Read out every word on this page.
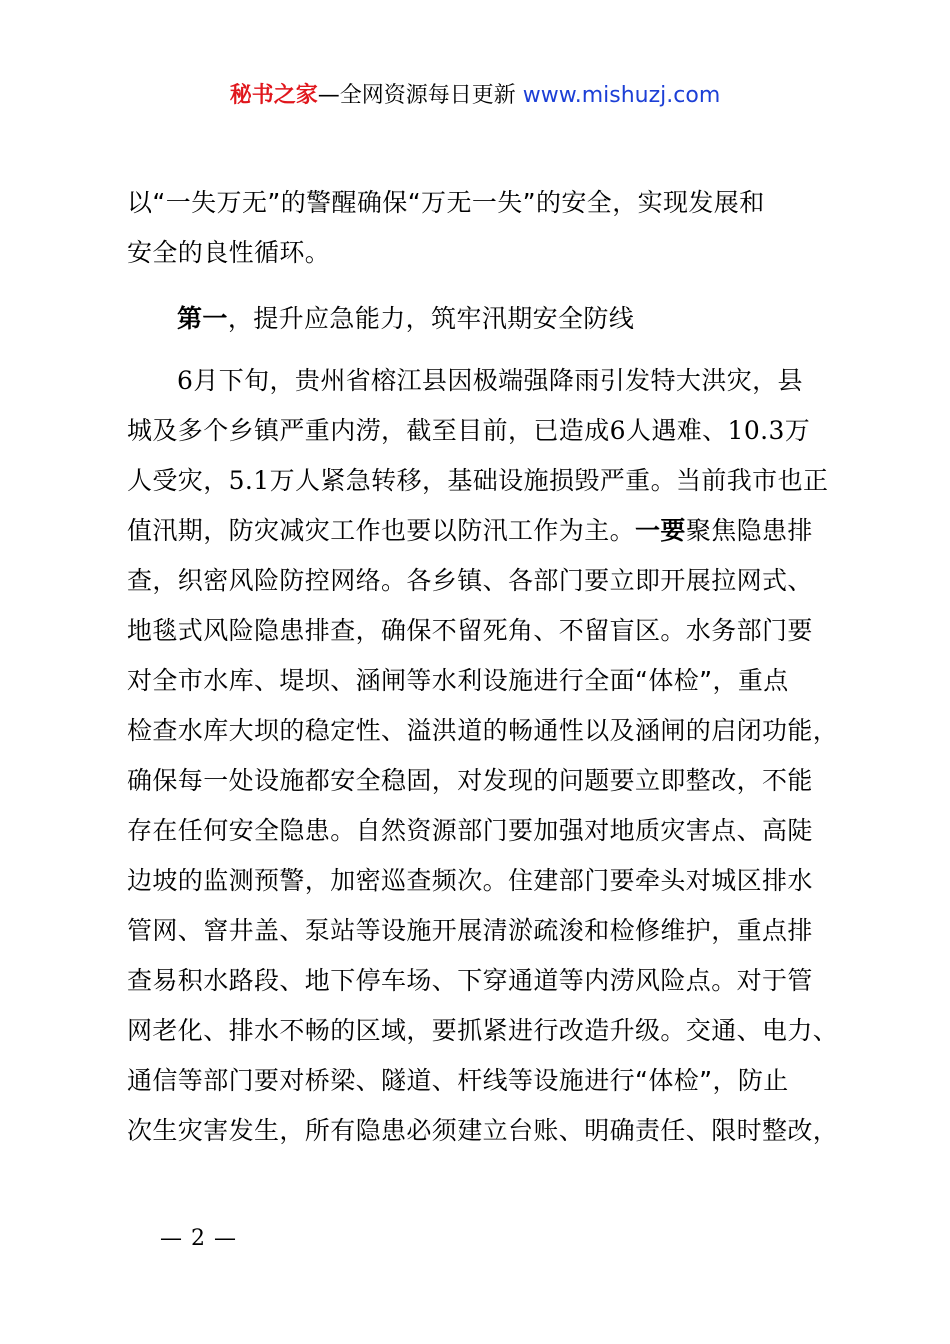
秘书之家—全网资源每日更新 www.mishuzj.com
以“一失万无”的警醒确保“万无一失”的安全，实现发展和
安全的良性循环。
第一，提升应急能力，筑牢汛期安全防线
6月下旬，贵州省榕江县因极端强降雨引发特大洪灾，县
城及多个乡镇严重内涝，截至目前，已造成6人遇难、10.3万
人受灾，5.1万人紧急转移，基础设施损毁严重。当前我市也正
值汛期，防灾减灾工作也要以防汛工作为主。一要聚焦隐患排
查，织密风险防控网络。各乡镇、各部门要立即开展拉网式、
地毯式风险隐患排查，确保不留死角、不留盲区。水务部门要
对全市水库、堤坝、涵闸等水利设施进行全面“体检”，重点
检查水库大坝的稳定性、溢洪道的畅通性以及涵闸的启闭功能，
确保每一处设施都安全稳固，对发现的问题要立即整改，不能
存在任何安全隐患。自然资源部门要加强对地质灾害点、高陡
边坡的监测预警，加密巡查频次。住建部门要牵头对城区排水
管网、窨井盖、泵站等设施开展清淤疏浚和检修维护，重点排
查易积水路段、地下停车场、下穿通道等内涝风险点。对于管
网老化、排水不畅的区域，要抓紧进行改造升级。交通、电力、
通信等部门要对桥梁、隧道、杆线等设施进行“体检”，防止
次生灾害发生，所有隐患必须建立台账、明确责任、限时整改，
— 2 —
